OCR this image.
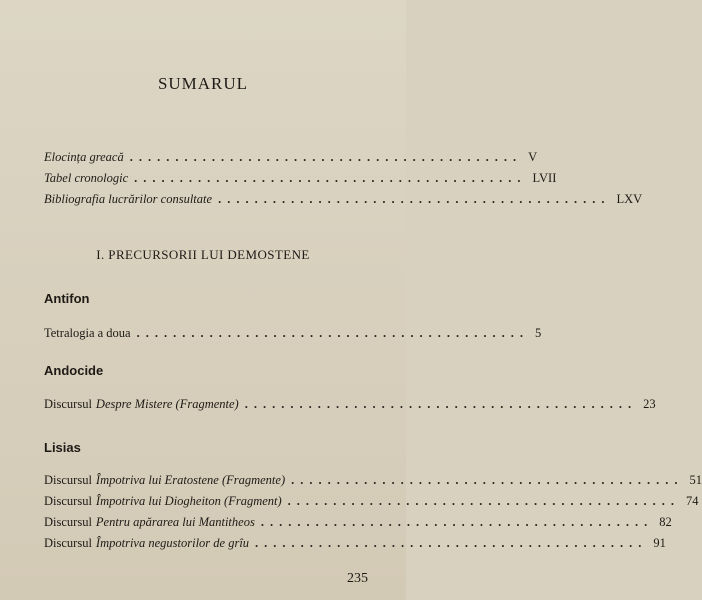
SUMARUL
Elocința greacă ........................................... V
Tabel cronologic ........................................... LVII
Bibliografia lucrărilor consultate ........................................... LXV
I. PRECURSORII LUI DEMOSTENE
Antifon
Tetralogia a doua ........................................... 5
Andocide
Discursul Despre Mistere (Fragmente) ........................................... 23
Lisias
Discursul Împotriva lui Eratostene (Fragmente) ........................................... 51
Discursul Împotriva lui Diogheiton (Fragment) ........................................... 74
Discursul Pentru apărarea lui Mantitheos ........................................... 82
Discursul Împotriva negustorilor de grîu ........................................... 91
235
